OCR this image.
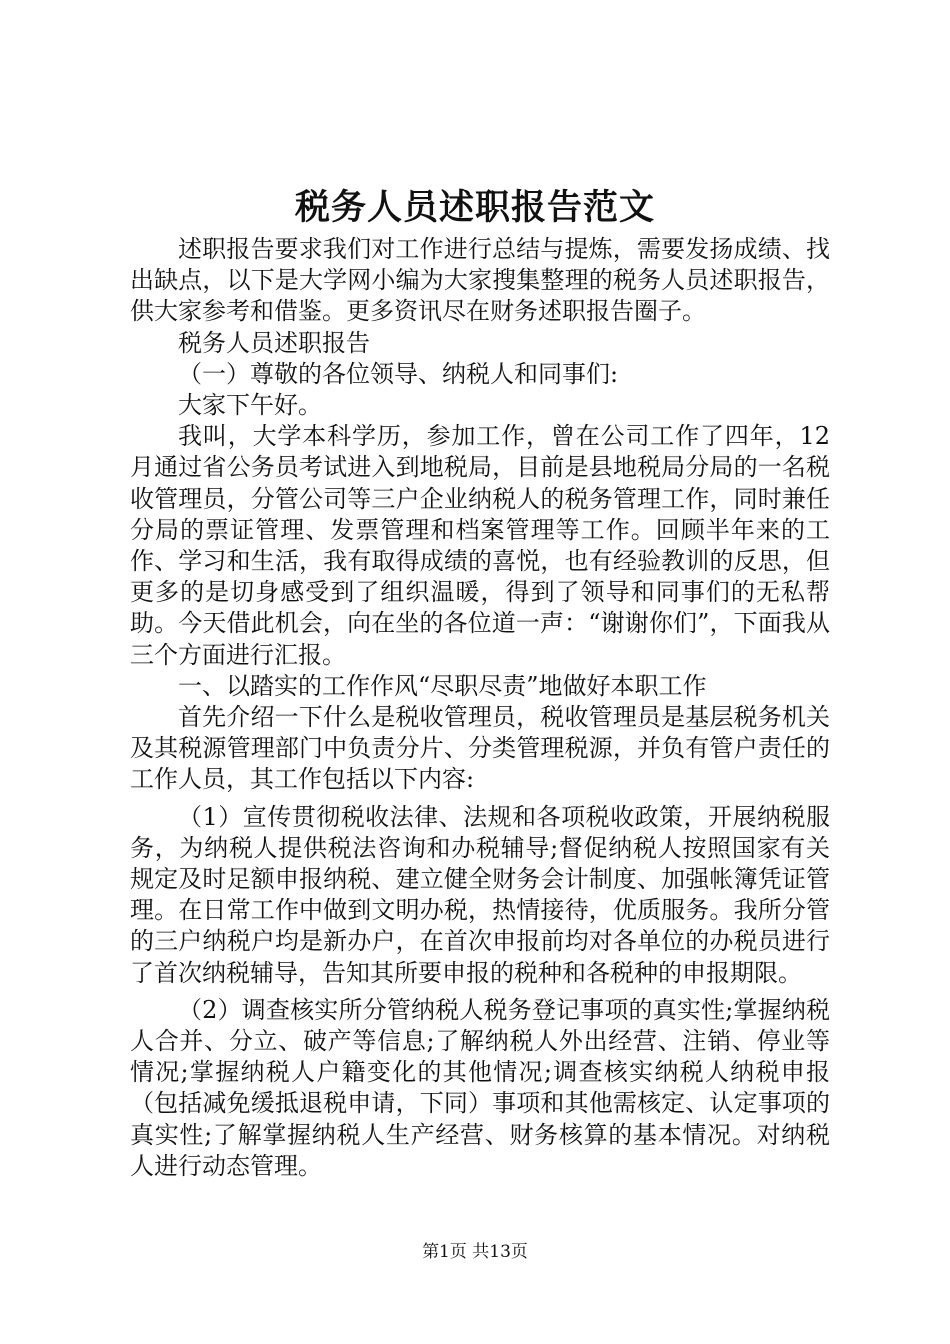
税务人员述职报告范文

述职报告要求我们对工作进行总结与提炼，需要发扬成绩、找出缺点，以下是大学网小编为大家搜集整理的税务人员述职报告，供大家参考和借鉴。更多资讯尽在财务述职报告圈子。

税务人员述职报告

（一）尊敬的各位领导、纳税人和同事们:

大家下午好。

我叫，大学本科学历，参加工作，曾在公司工作了四年，12月通过省公务员考试进入到地税局，目前是县地税局分局的一名税收管理员，分管公司等三户企业纳税人的税务管理工作，同时兼任分局的票证管理、发票管理和档案管理等工作。回顾半年来的工作、学习和生活，我有取得成绩的喜悦，也有经验教训的反思，但更多的是切身感受到了组织温暖，得到了领导和同事们的无私帮助。今天借此机会，向在坐的各位道一声：“谢谢你们”，下面我从三个方面进行汇报。

一、以踏实的工作作风“尽职尽责”地做好本职工作

首先介绍一下什么是税收管理员，税收管理员是基层税务机关及其税源管理部门中负责分片、分类管理税源，并负有管户责任的工作人员，其工作包括以下内容:

（1）宣传贯彻税收法律、法规和各项税收政策，开展纳税服务，为纳税人提供税法咨询和办税辅导;督促纳税人按照国家有关规定及时足额申报纳税、建立健全财务会计制度、加强帐簿凭证管理。在日常工作中做到文明办税，热情接待，优质服务。我所分管的三户纳税户均是新办户，在首次申报前均对各单位的办税员进行了首次纳税辅导，告知其所要申报的税种和各税种的申报期限。

（2）调查核实所分管纳税人税务登记事项的真实性;掌握纳税人合并、分立、破产等信息;了解纳税人外出经营、注销、停业等情况;掌握纳税人户籍变化的其他情况;调查核实纳税人纳税申报（包括减免缓抵退税申请，下同）事项和其他需核定、认定事项的真实性;了解掌握纳税人生产经营、财务核算的基本情况。对纳税人进行动态管理。

第1页 共13页
